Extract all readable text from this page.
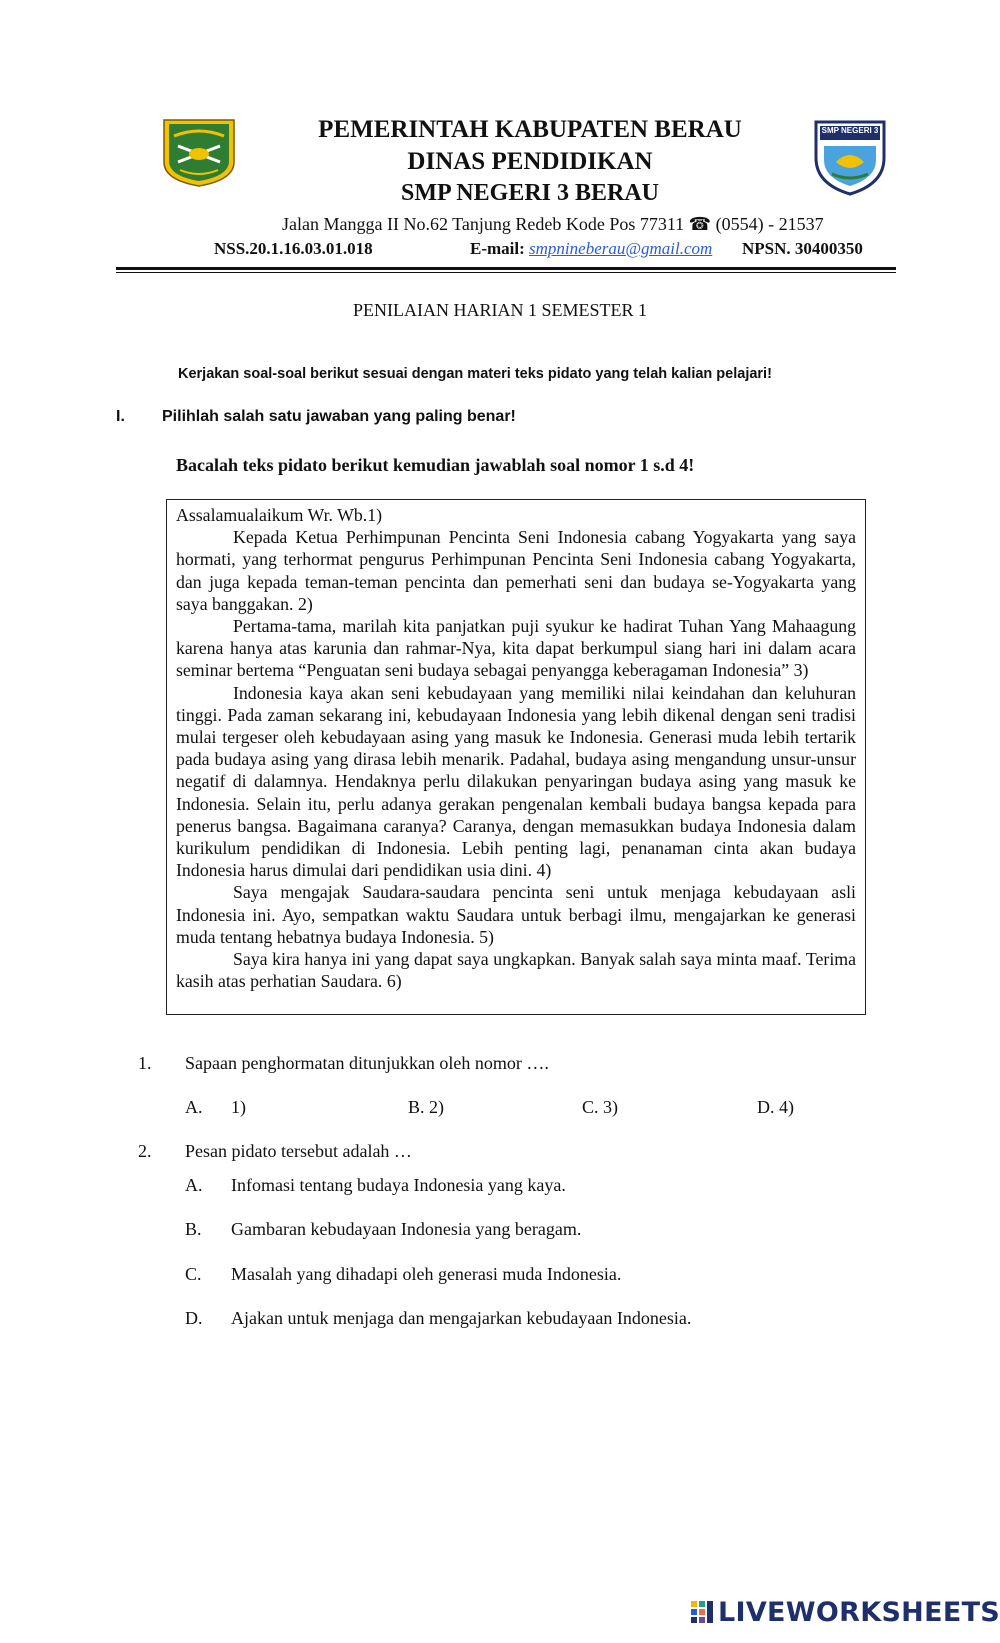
SMP NEGERI 3
PEMERINTAH KABUPATEN BERAU
DINAS PENDIDIKAN
SMP NEGERI 3 BERAU
Jalan Mangga II No.62 Tanjung Redeb Kode Pos 77311 ☎ (0554) - 21537
NSS.20.1.16.03.01.018	E-mail: smpnineberau@gmail.com NPSN. 30400350
PENILAIAN HARIAN 1 SEMESTER 1
Kerjakan soal-soal berikut sesuai dengan materi teks pidato yang telah kalian pelajari!
I. Pilihlah salah satu jawaban yang paling benar!
Bacalah teks pidato berikut kemudian jawablah soal nomor 1 s.d 4!

Assalamualaikum Wr. Wb.1)

Kepada Ketua Perhimpunan Pencinta Seni Indonesia cabang Yogyakarta yang saya hormati, yang terhormat pengurus Perhimpunan Pencinta Seni Indonesia cabang Yogyakarta, dan juga kepada teman-teman pencinta dan pemerhati seni dan budaya se-Yogyakarta yang saya banggakan. 2)

Pertama-tama, marilah kita panjatkan puji syukur ke hadirat Tuhan Yang Mahaagung karena hanya atas karunia dan rahmar-Nya, kita dapat berkumpul siang hari ini dalam acara seminar bertema “Penguatan seni budaya sebagai penyangga keberagaman Indonesia” 3)

Indonesia kaya akan seni kebudayaan yang memiliki nilai keindahan dan keluhuran tinggi. Pada zaman sekarang ini, kebudayaan Indonesia yang lebih dikenal dengan seni tradisi mulai tergeser oleh kebudayaan asing yang masuk ke Indonesia. Generasi muda lebih tertarik pada budaya asing yang dirasa lebih menarik. Padahal, budaya asing mengandung unsur-unsur negatif di dalamnya. Hendaknya perlu dilakukan penyaringan budaya asing yang masuk ke Indonesia. Selain itu, perlu adanya gerakan pengenalan kembali budaya bangsa kepada para penerus bangsa. Bagaimana caranya? Caranya, dengan memasukkan budaya Indonesia dalam kurikulum pendidikan di Indonesia. Lebih penting lagi, penanaman cinta akan budaya Indonesia harus dimulai dari pendidikan usia dini. 4)

Saya mengajak Saudara-saudara pencinta seni untuk menjaga kebudayaan asli Indonesia ini. Ayo, sempatkan waktu Saudara untuk berbagi ilmu, mengajarkan ke generasi muda tentang hebatnya budaya Indonesia. 5)

Saya kira hanya ini yang dapat saya ungkapkan. Banyak salah saya minta maaf. Terima kasih atas perhatian Saudara. 6)

1. Sapaan penghormatan ditunjukkan oleh nomor ….
A. 1)	B. 2)	C. 3)	D. 4)
2. Pesan pidato tersebut adalah …
A. Infomasi tentang budaya Indonesia yang kaya.
B. Gambaran kebudayaan Indonesia yang beragam.
C. Masalah yang dihadapi oleh generasi muda Indonesia.
D. Ajakan untuk menjaga dan mengajarkan kebudayaan Indonesia.
LIVEWORKSHEETS
